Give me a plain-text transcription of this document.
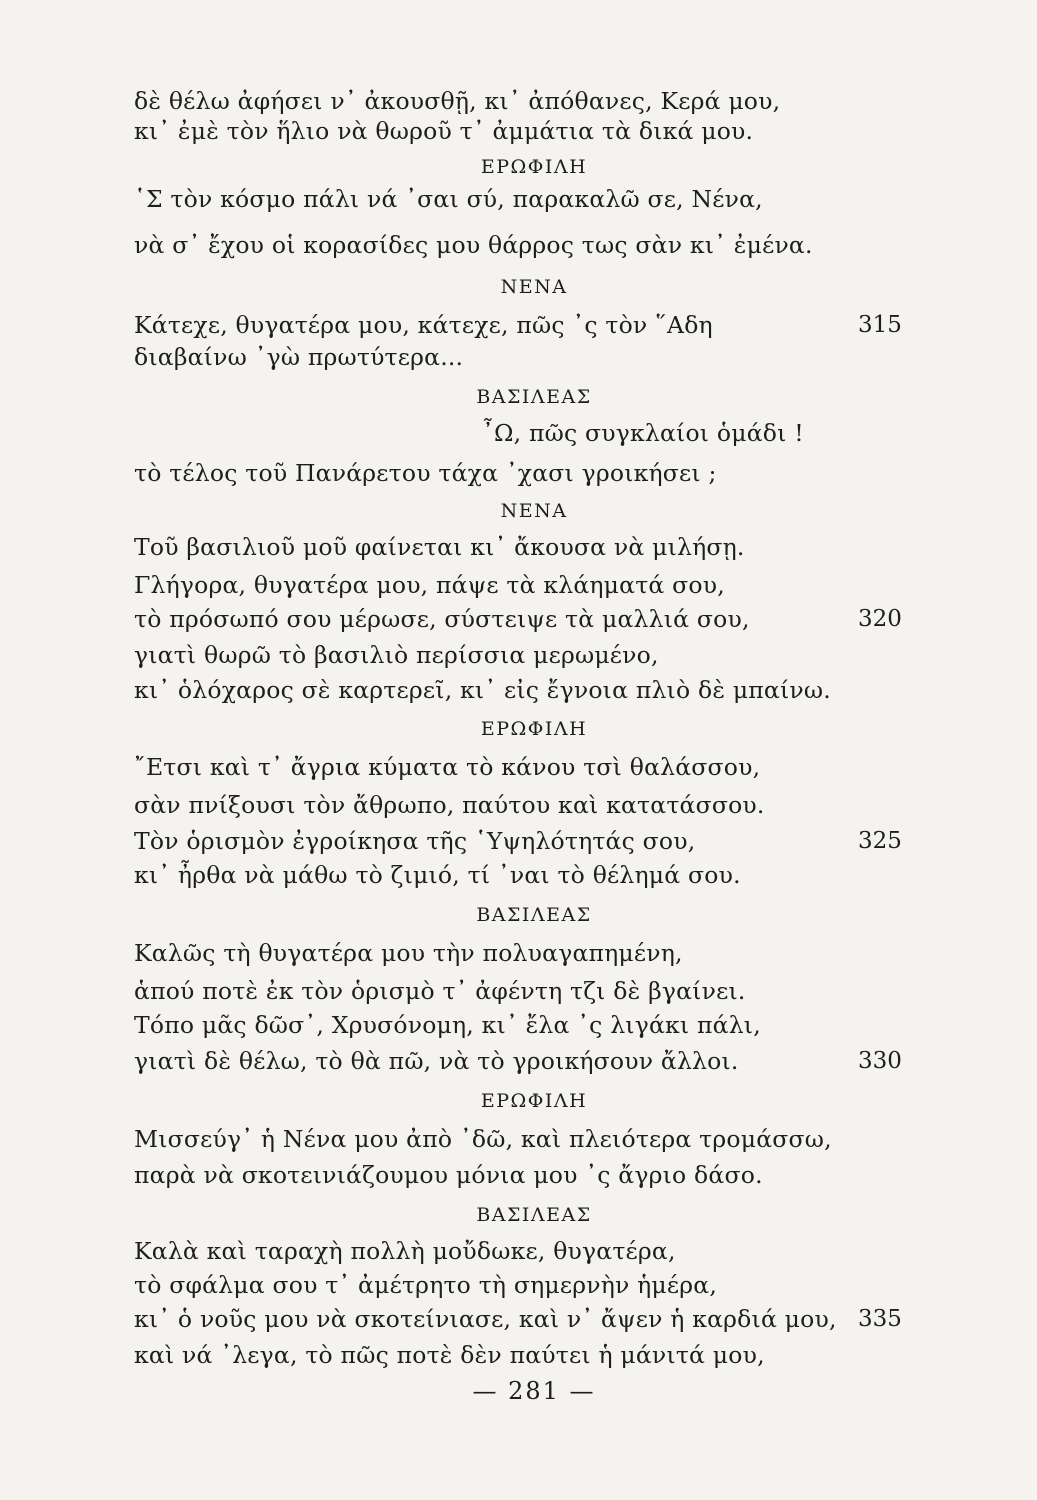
δὲ θέλω ἀφήσει ν᾽ ἀκουσθῇ, κι᾽ ἀπόθανες, Κερά μου,
κι᾽ ἐμὲ τὸν ἥλιο νὰ θωροῦ τ᾽ ἀμμάτια τὰ δικά μου.
ΕΡΩΦΙΛΗ
῾Σ τὸν κόσμο πάλι νά ᾽σαι σύ, παρακαλῶ σε, Νένα,
νὰ σ᾽ ἔχου οἱ κορασίδες μου θάρρος τως σὰν κι᾽ ἐμένα.
ΝΕΝΑ
Κάτεχε, θυγατέρα μου, κάτεχε, πῶς ᾽ς τὸν ῞Αδη	315
διαβαίνω ᾽γὼ πρωτύτερα...
ΒΑΣΙΛΕΑΣ
῏Ω, πῶς συγκλαίοι ὁμάδι !
τὸ τέλος τοῦ Πανάρετου τάχα ᾽χασι γροικήσει ;
ΝΕΝΑ
Τοῦ βασιλιοῦ μοῦ φαίνεται κι᾽ ἄκουσα νὰ μιλήσῃ.
Γλήγορα, θυγατέρα μου, πάψε τὰ κλάηματά σου,
τὸ πρόσωπό σου μέρωσε, σύστειψε τὰ μαλλιά σου,	320
γιατὶ θωρῶ τὸ βασιλιὸ περίσσια μερωμένο,
κι᾽ ὁλόχαρος σὲ καρτερεῖ, κι᾽ εἰς ἔγνοια πλιὸ δὲ μπαίνω.
ΕΡΩΦΙΛΗ
῎Ετσι καὶ τ᾽ ἄγρια κύματα τὸ κάνου τσὶ θαλάσσου,
σὰν πνίξουσι τὸν ἄθρωπο, παύτου καὶ κατατάσσου.
Τὸν ὁρισμὸν ἐγροίκησα τῆς ῾Υψηλότητάς σου,	325
κι᾽ ἦρθα νὰ μάθω τὸ ζιμιό, τί ᾽ναι τὸ θέλημά σου.
ΒΑΣΙΛΕΑΣ
Καλῶς τὴ θυγατέρα μου τὴν πολυαγαπημένη,
ἁπού ποτὲ ἐκ τὸν ὁρισμὸ τ᾽ ἀφέντη τζι δὲ βγαίνει.
Τόπο μᾶς δῶσ᾽, Χρυσόνομη, κι᾽ ἔλα ᾽ς λιγάκι πάλι,
γιατὶ δὲ θέλω, τὸ θὰ πῶ, νὰ τὸ γροικήσουν ἄλλοι.	330
ΕΡΩΦΙΛΗ
Μισσεύγ᾽ ἡ Νένα μου ἀπὸ ᾽δῶ, καὶ πλειότερα τρομάσσω,
παρὰ νὰ σκοτεινιάζουμου μόνια μου ᾽ς ἄγριο δάσο.
ΒΑΣΙΛΕΑΣ
Καλὰ καὶ ταραχὴ πολλὴ μοὔδωκε, θυγατέρα,
τὸ σφάλμα σου τ᾽ ἀμέτρητο τὴ σημερνὴν ἡμέρα,
κι᾽ ὁ νοῦς μου νὰ σκοτείνιασε, καὶ ν᾽ ἄψεν ἡ καρδιά μου, 335
καὶ νά ᾽λεγα, τὸ πῶς ποτὲ δὲν παύτει ἡ μάνιτά μου,
— 281 —
